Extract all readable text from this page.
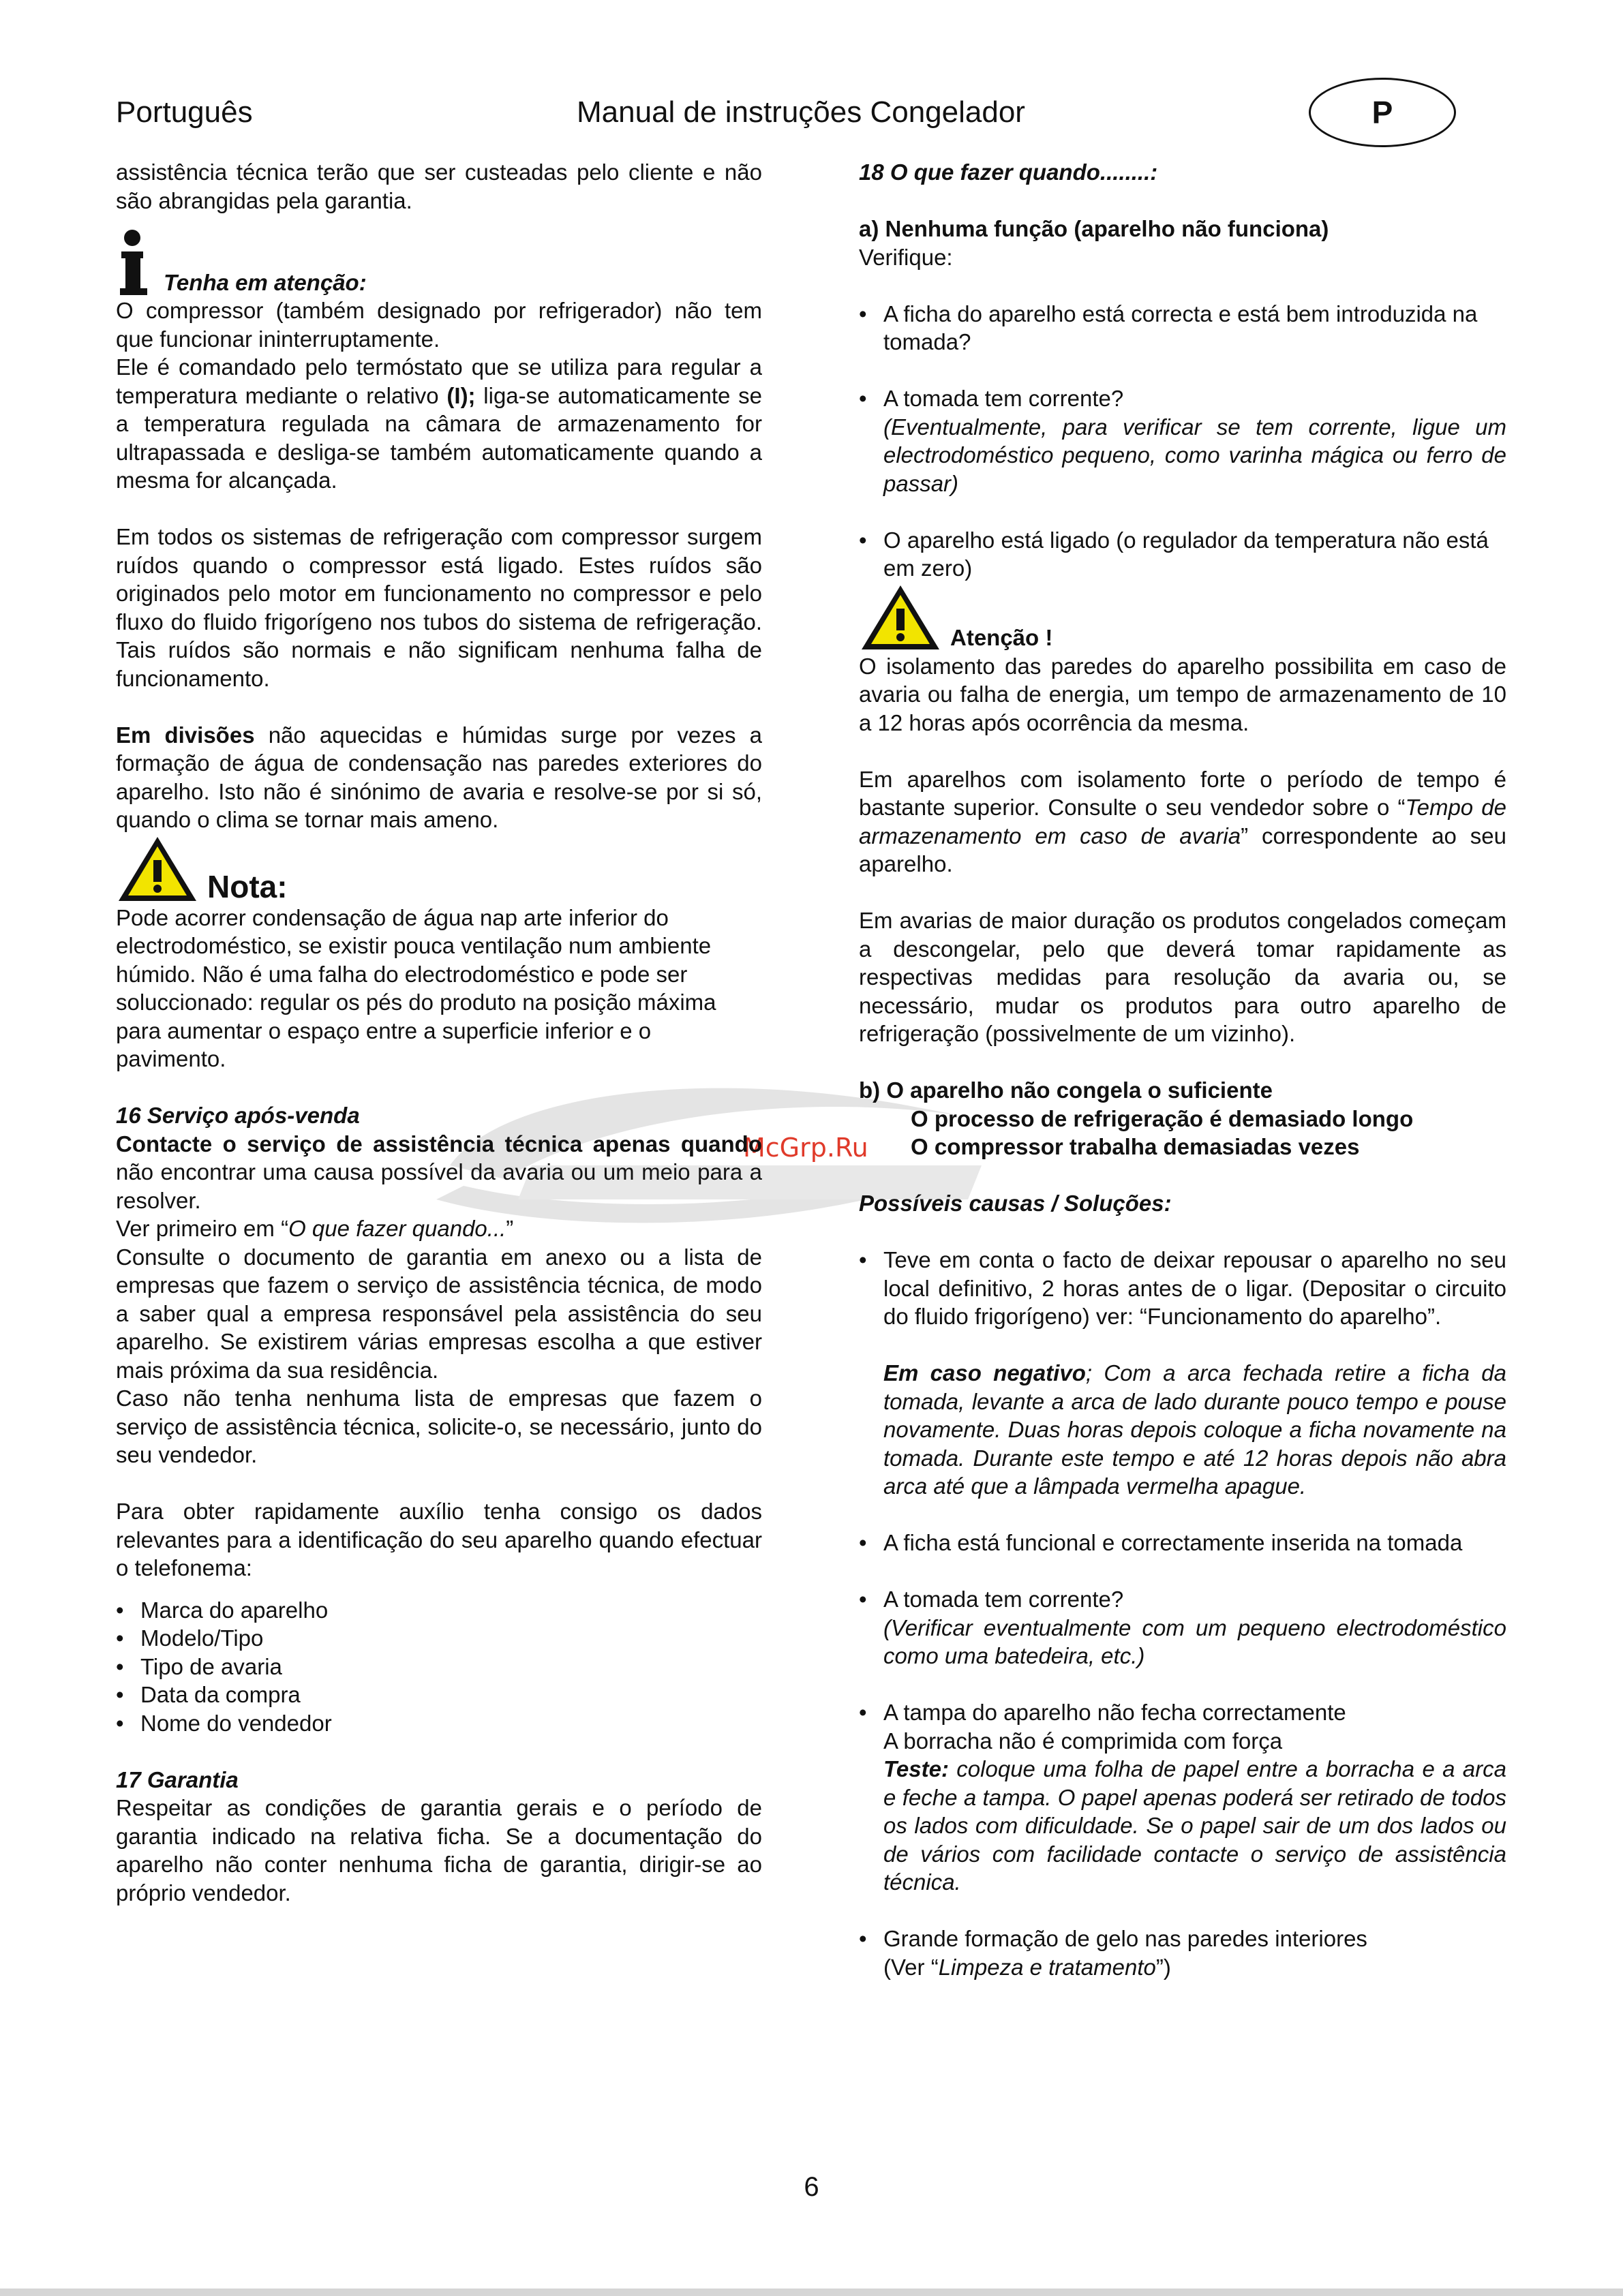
Português	Manual de instruções Congelador	P
McGrp.Ru

assistência técnica terão que ser custeadas pelo cliente e não são abrangidas pela garantia.

Tenha em atenção:

O compressor (também designado por refrigerador) não tem que funcionar ininterruptamente.

Ele é comandado pelo termóstato que se utiliza para regular a temperatura mediante o relativo (I); liga-se automaticamente se a temperatura regulada na câmara de armazenamento for ultrapassada e desliga-se também automaticamente quando a mesma for alcançada.

Em todos os sistemas de refrigeração com compressor surgem ruídos quando o compressor está ligado. Estes ruídos são originados pelo motor em funcionamento no compressor e pelo fluxo do fluido frigorígeno nos tubos do sistema de refrigeração. Tais ruídos são normais e não significam nenhuma falha de funcionamento.

Em divisões não aquecidas e húmidas surge por vezes a formação de água de condensação nas paredes exteriores do aparelho. Isto não é sinónimo de avaria e resolve-se por si só, quando o clima se tornar mais ameno.

Nota:

Pode acorrer condensação de água nap arte inferior do electrodoméstico, se existir pouca ventilação num ambiente húmido. Não é uma falha do electrodoméstico e pode ser soluccionado: regular os pés do produto na posição máxima para aumentar o espaço entre a superficie inferior e o pavimento.

16 Serviço após-venda

Contacte o serviço de assistência técnica apenas quando não encontrar uma causa possível da avaria ou um meio para a resolver.

Ver primeiro em “O que fazer quando...”

Consulte o documento de garantia em anexo ou a lista de empresas que fazem o serviço de assistência técnica, de modo a saber qual a empresa responsável pela assistência do seu aparelho. Se existirem várias empresas escolha a que estiver mais próxima da sua residência.

Caso não tenha nenhuma lista de empresas que fazem o serviço de assistência técnica, solicite-o, se necessário, junto do seu vendedor.

Para obter rapidamente auxílio tenha consigo os dados relevantes para a identificação do seu aparelho quando efectuar o telefonema:

• Marca do aparelho
• Modelo/Tipo
• Tipo de avaria
• Data da compra
• Nome do vendedor

17 Garantia

Respeitar as condições de garantia gerais e o período de garantia indicado na relativa ficha. Se a documentação do aparelho não conter nenhuma ficha de garantia, dirigir-se ao próprio vendedor.

18 O que fazer quando........:

a) Nenhuma função (aparelho não funciona)

Verifique:

• A ficha do aparelho está correcta e está bem introduzida na tomada?
• A tomada tem corrente?

(Eventualmente, para verificar se tem corrente, ligue um electrodoméstico pequeno, como varinha mágica ou ferro de passar)
• O aparelho está ligado (o regulador da temperatura não está em zero)
Atenção !

O isolamento das paredes do aparelho possibilita em caso de avaria ou falha de energia, um tempo de armazenamento de 10 a 12 horas após ocorrência da mesma.

Em aparelhos com isolamento forte o período de tempo é bastante superior. Consulte o seu vendedor sobre o “Tempo de armazenamento em caso de avaria” correspondente ao seu aparelho.

Em avarias de maior duração os produtos congelados começam a descongelar, pelo que deverá tomar rapidamente as respectivas medidas para resolução da avaria ou, se necessário, mudar os produtos para outro aparelho de refrigeração (possivelmente de um vizinho).

b) O aparelho não congela o suficiente

O processo de refrigeração é demasiado longo

O compressor trabalha demasiadas vezes

Possíveis causas / Soluções:

• Teve em conta o facto de deixar repousar o aparelho no seu local definitivo, 2 horas antes de o ligar. (Depositar o circuito do fluido frigorígeno) ver: “Funcionamento do aparelho”.
Em caso negativo; Com a arca fechada retire a ficha da tomada, levante a arca de lado durante pouco tempo e pouse novamente. Duas horas depois coloque a ficha novamente na tomada. Durante este tempo e até 12 horas depois não abra arca até que a lâmpada vermelha apague.
• A ficha está funcional e correctamente inserida na tomada
• A tomada tem corrente?

(Verificar eventualmente com um pequeno electrodoméstico como uma batedeira, etc.)
• A tampa do aparelho não fecha correctamente
A borracha não é comprimida com força

Teste: coloque uma folha de papel entre a borracha e a arca e feche a tampa. O papel apenas poderá ser retirado de todos os lados com dificuldade. Se o papel sair de um dos lados ou de vários com facilidade contacte o serviço de assistência técnica.
• Grande formação de gelo nas paredes interiores
(Ver “Limpeza e tratamento”)
6
